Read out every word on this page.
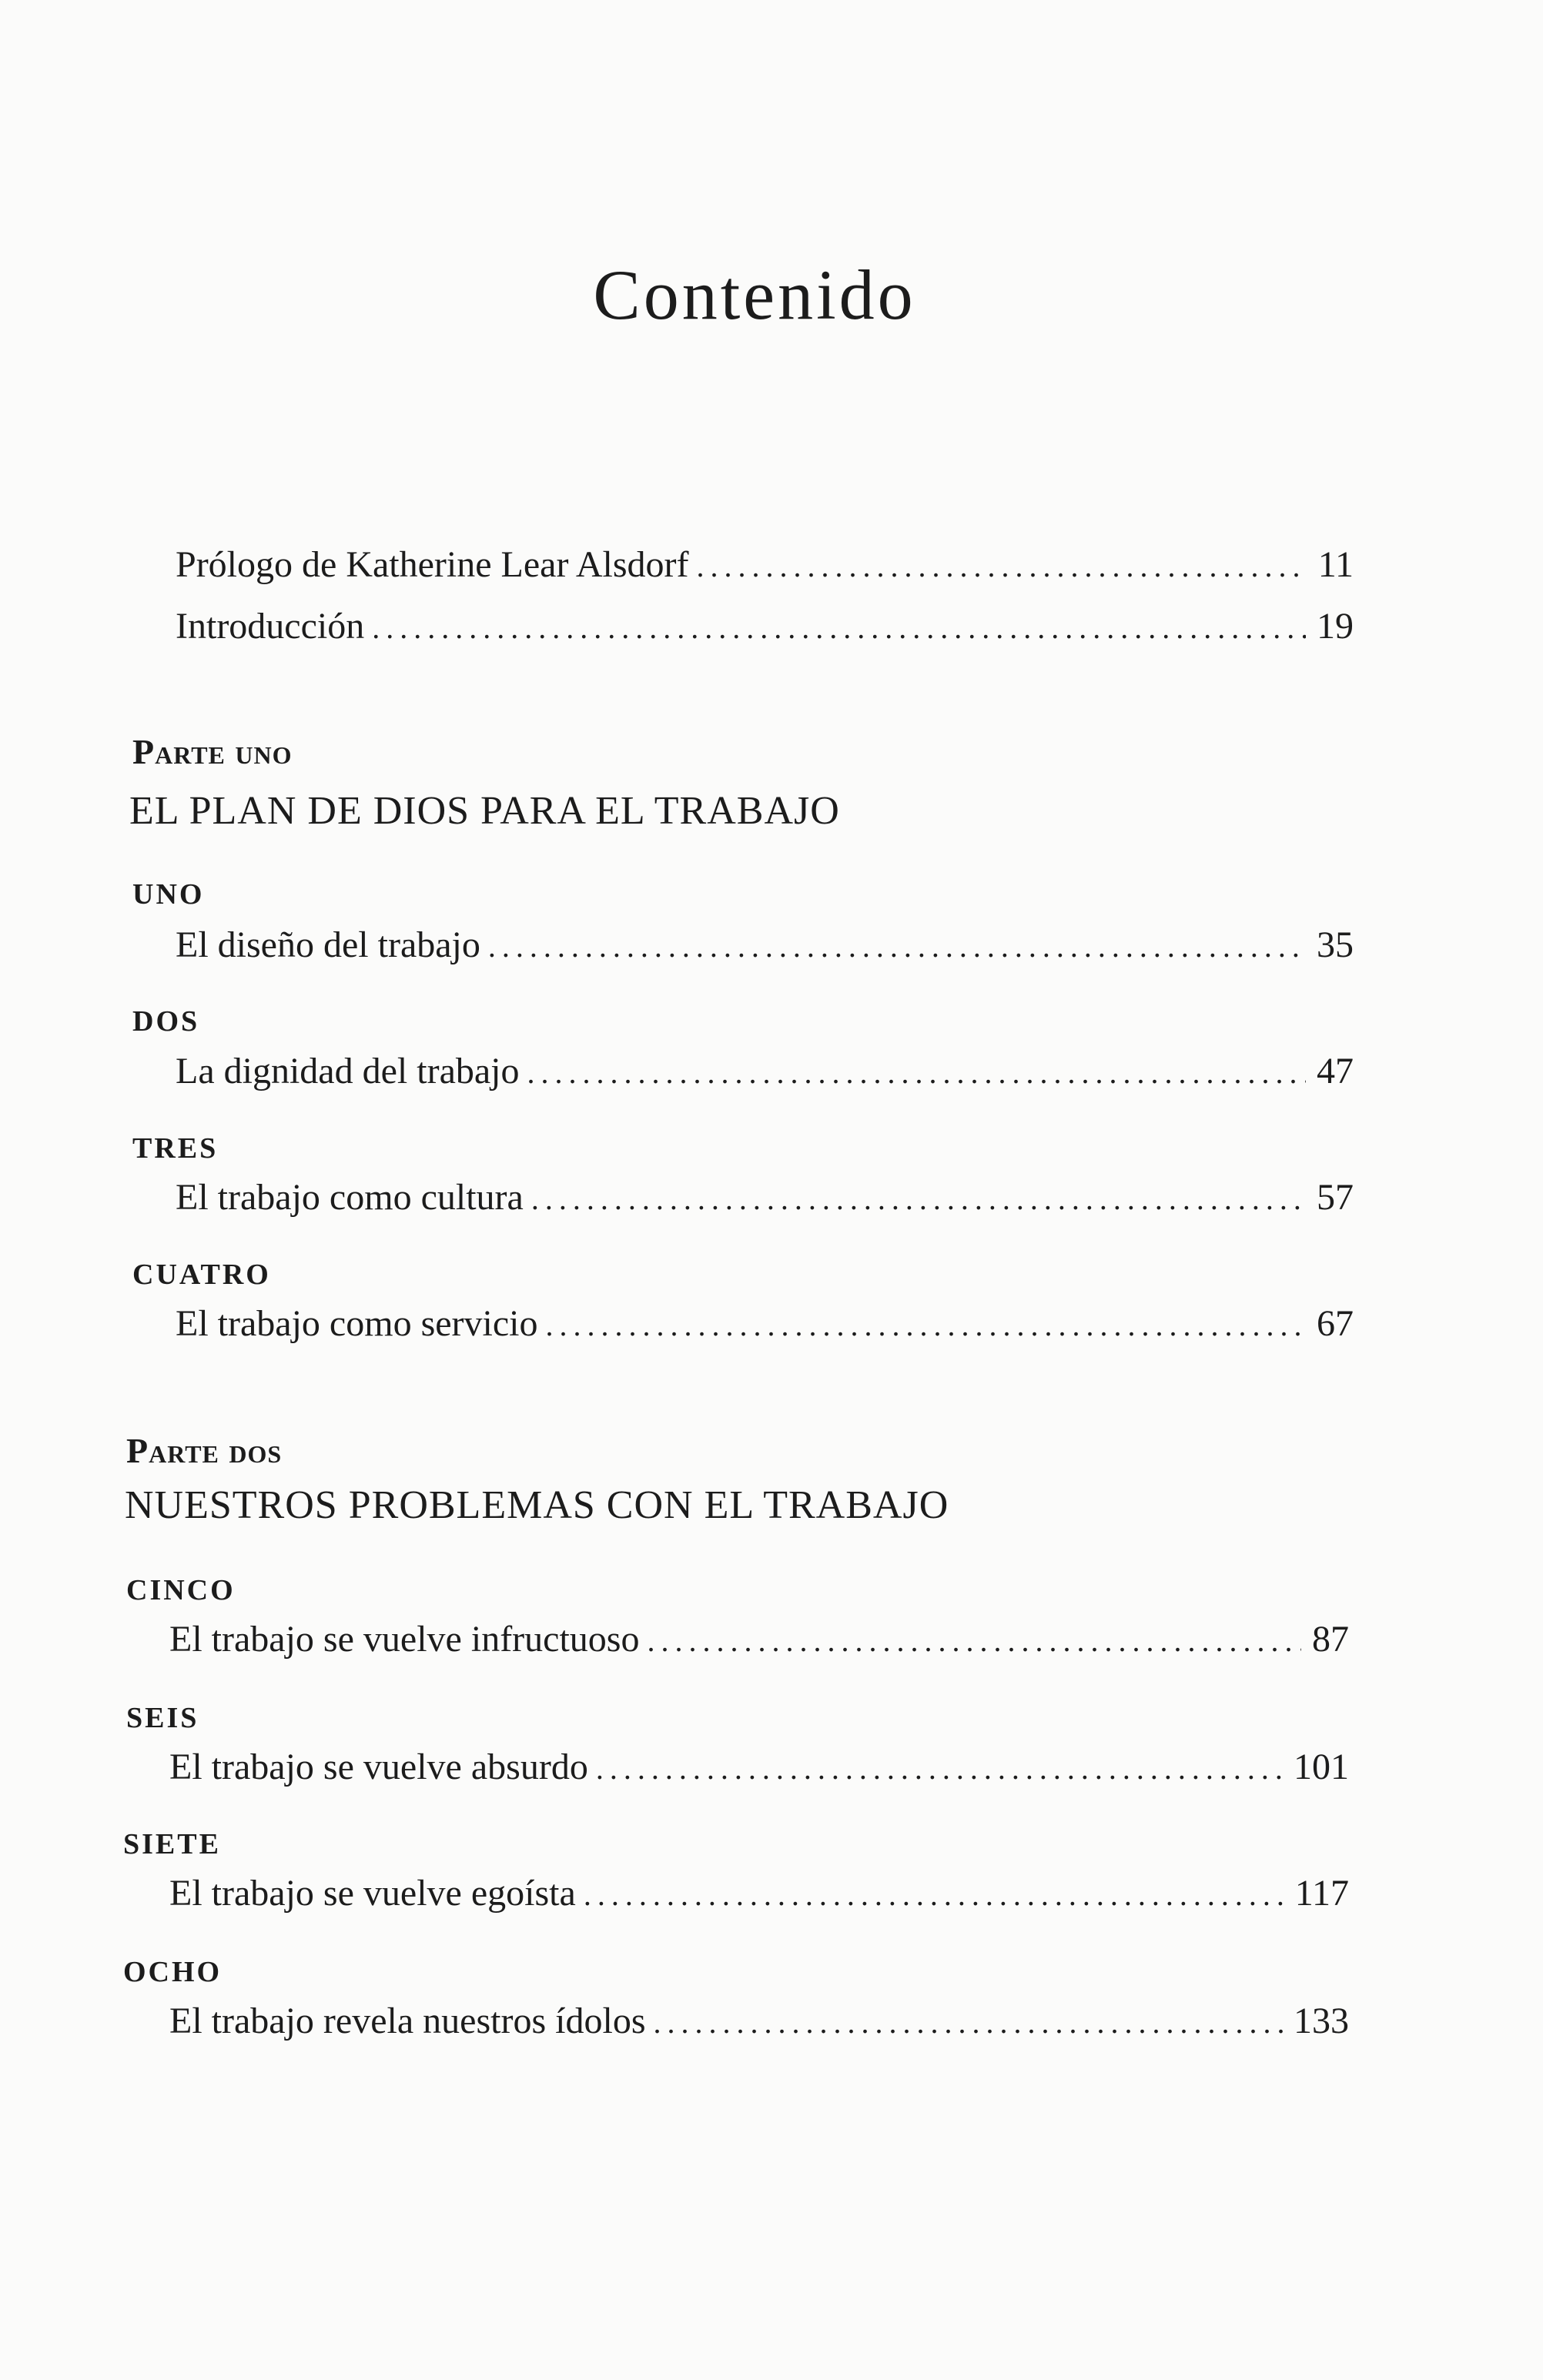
Contenido
Prólogo de Katherine Lear Alsdorf .....	11
Introducción .....	19
Parte uno
EL PLAN DE DIOS PARA EL TRABAJO
UNO
El diseño del trabajo .....	35
DOS
La dignidad del trabajo .....	47
TRES
El trabajo como cultura .....	57
CUATRO
El trabajo como servicio .....	67
Parte dos
NUESTROS PROBLEMAS CON EL TRABAJO
CINCO
El trabajo se vuelve infructuoso .....	87
SEIS
El trabajo se vuelve absurdo .....	101
SIETE
El trabajo se vuelve egoísta .....	117
OCHO
El trabajo revela nuestros ídolos .....	133
